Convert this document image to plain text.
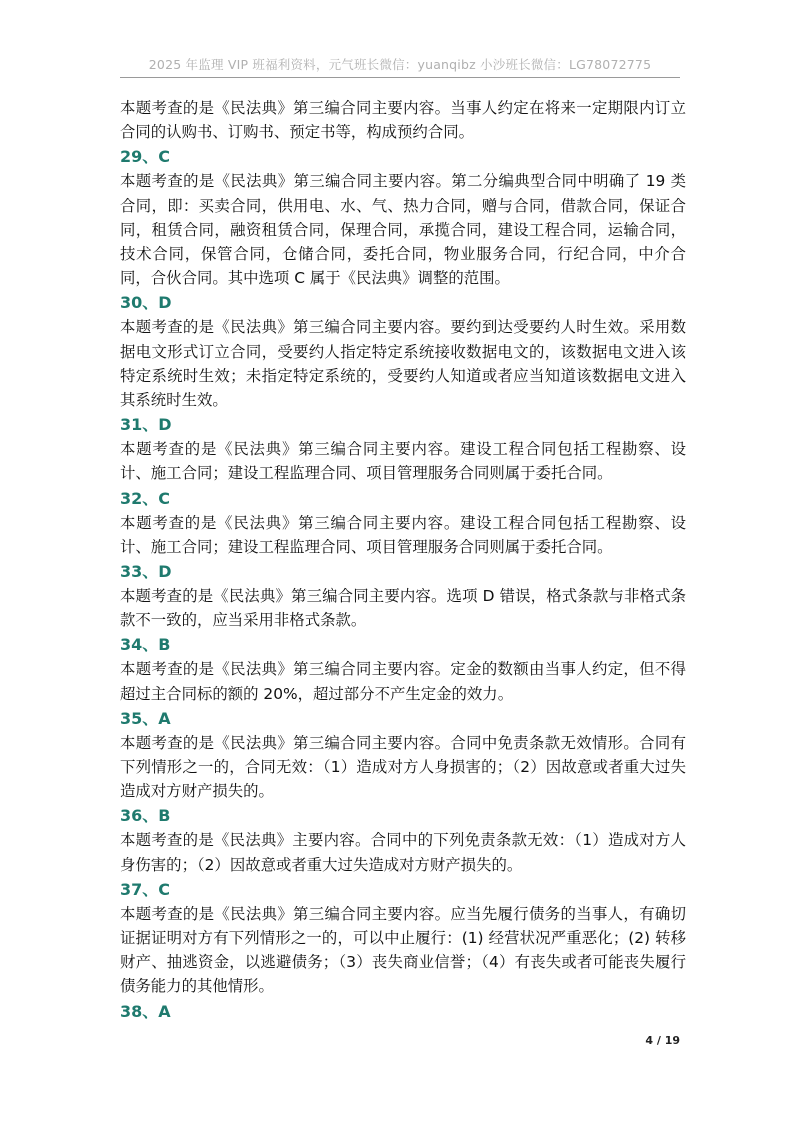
2025 年监理 VIP 班福利资料，元气班长微信：yuanqibz 小沙班长微信：LG78072775

本题考查的是《民法典》第三编合同主要内容。当事人约定在将来一定期限内订立合同的认购书、订购书、预定书等，构成预约合同。

29、C

本题考查的是《民法典》第三编合同主要内容。第二分编典型合同中明确了 19 类合同，即：买卖合同，供用电、水、气、热力合同，赠与合同，借款合同，保证合同，租赁合同，融资租赁合同，保理合同，承揽合同，建设工程合同，运输合同，技术合同，保管合同，仓储合同，委托合同，物业服务合同，行纪合同，中介合同，合伙合同。其中选项 C 属于《民法典》调整的范围。

30、D

本题考查的是《民法典》第三编合同主要内容。要约到达受要约人时生效。采用数据电文形式订立合同，受要约人指定特定系统接收数据电文的，该数据电文进入该特定系统时生效；未指定特定系统的，受要约人知道或者应当知道该数据电文进入其系统时生效。

31、D

本题考查的是《民法典》第三编合同主要内容。建设工程合同包括工程勘察、设计、施工合同；建设工程监理合同、项目管理服务合同则属于委托合同。

32、C

本题考查的是《民法典》第三编合同主要内容。建设工程合同包括工程勘察、设计、施工合同；建设工程监理合同、项目管理服务合同则属于委托合同。

33、D

本题考查的是《民法典》第三编合同主要内容。选项 D 错误，格式条款与非格式条款不一致的，应当采用非格式条款。

34、B

本题考查的是《民法典》第三编合同主要内容。定金的数额由当事人约定，但不得超过主合同标的额的 20%，超过部分不产生定金的效力。

35、A

本题考查的是《民法典》第三编合同主要内容。合同中免责条款无效情形。合同有下列情形之一的，合同无效：（1）造成对方人身损害的；（2）因故意或者重大过失造成对方财产损失的。

36、B

本题考查的是《民法典》主要内容。合同中的下列免责条款无效：（1）造成对方人身伤害的；（2）因故意或者重大过失造成对方财产损失的。

37、C

本题考查的是《民法典》第三编合同主要内容。应当先履行债务的当事人，有确切证据证明对方有下列情形之一的，可以中止履行：(1) 经营状况严重恶化；(2) 转移财产、抽逃资金，以逃避债务；（3）丧失商业信誉；（4）有丧失或者可能丧失履行债务能力的其他情形。

38、A
4 / 19
